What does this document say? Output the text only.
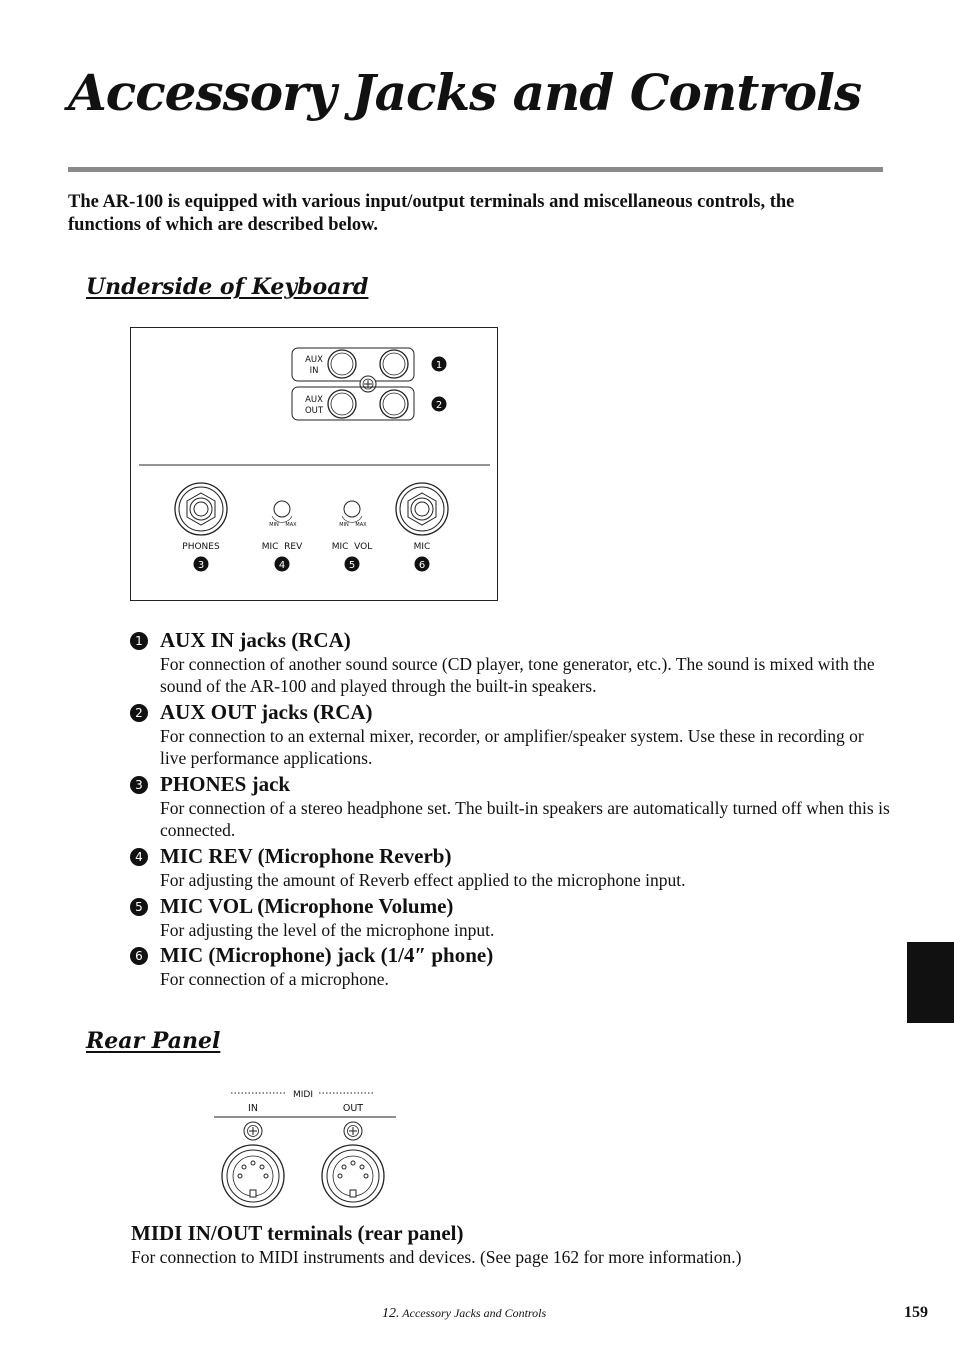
Accessory Jacks and Controls

The AR-100 is equipped with various input/output terminals and miscellaneous controls, the functions of which are described below.

Underside of Keyboard
AUX
IN
AUX
OUT
1
2
MIN MAX	MIN MAX
PHONES	MIC  REV	MIC  VOL	MIC
3	4	5	6
1 AUX IN jacks (RCA)

For connection of another sound source (CD player, tone generator, etc.). The sound is mixed with the sound of the AR-100 and played through the built-in speakers.

2 AUX OUT jacks (RCA)

For connection to an external mixer, recorder, or amplifier/speaker system. Use these in recording or live performance applications.

3 PHONES jack

For connection of a stereo headphone set. The built-in speakers are automatically turned off when this is connected.

4 MIC REV (Microphone Reverb)

For adjusting the amount of Reverb effect applied to the microphone input.

5 MIC VOL (Microphone Volume)

For adjusting the level of the microphone input.

6 MIC (Microphone) jack (1/4″ phone)

For connection of a microphone.

Rear Panel
MIDI
IN	OUT

MIDI IN/OUT terminals (rear panel)

For connection to MIDI instruments and devices. (See page 162 for more information.)

12. Accessory Jacks and Controls	159
